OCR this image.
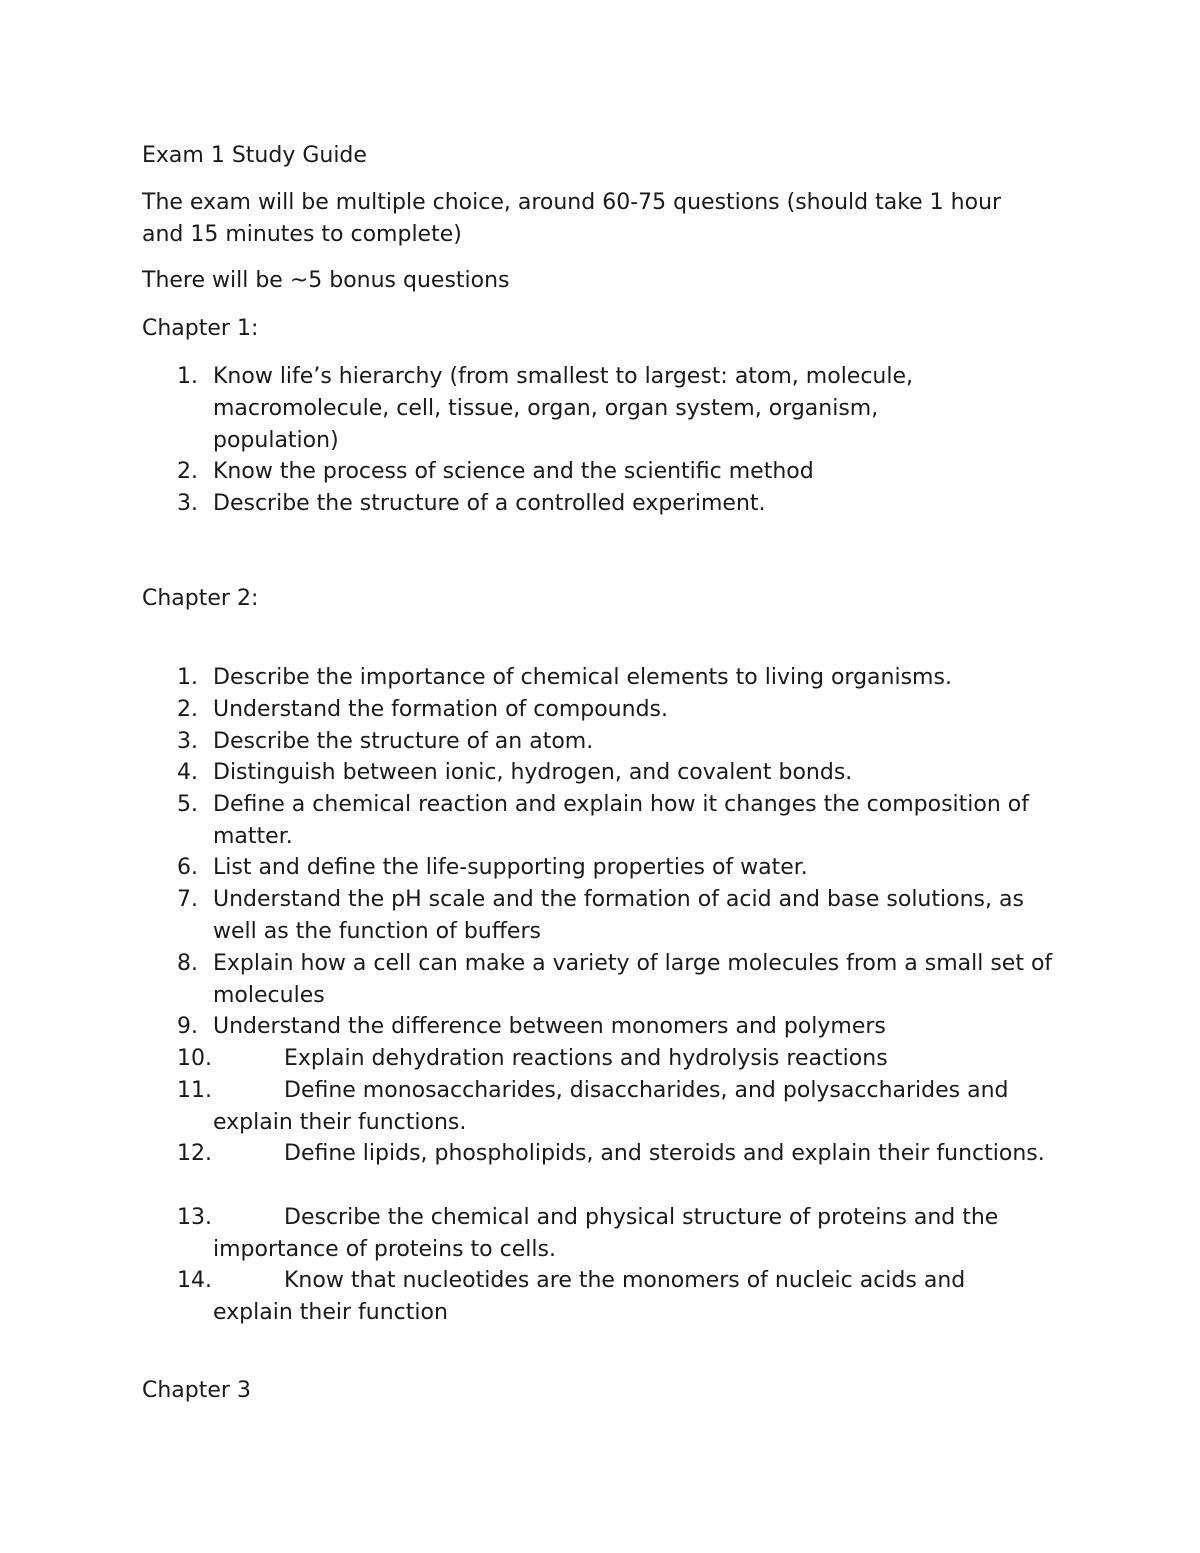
Exam 1 Study Guide

The exam will be multiple choice, around 60-75 questions (should take 1 hour and 15 minutes to complete)

There will be ~5 bonus questions

Chapter 1:

1. Know life’s hierarchy (from smallest to largest: atom, molecule, macromolecule, cell, tissue, organ, organ system, organism, population)
2. Know the process of science and the scientific method
3. Describe the structure of a controlled experiment.

Chapter 2:

1. Describe the importance of chemical elements to living organisms.
2. Understand the formation of compounds.
3. Describe the structure of an atom.
4. Distinguish between ionic, hydrogen, and covalent bonds.
5. Define a chemical reaction and explain how it changes the composition of matter.
6. List and define the life-supporting properties of water.
7. Understand the pH scale and the formation of acid and base solutions, as well as the function of buffers
8. Explain how a cell can make a variety of large molecules from a small set of molecules
9. Understand the difference between monomers and polymers
10.	Explain dehydration reactions and hydrolysis reactions
11.	Define monosaccharides, disaccharides, and polysaccharides and explain their functions.
12.	Define lipids, phospholipids, and steroids and explain their functions.
13.	Describe the chemical and physical structure of proteins and the importance of proteins to cells.
14.	Know that nucleotides are the monomers of nucleic acids and explain their function

Chapter 3
